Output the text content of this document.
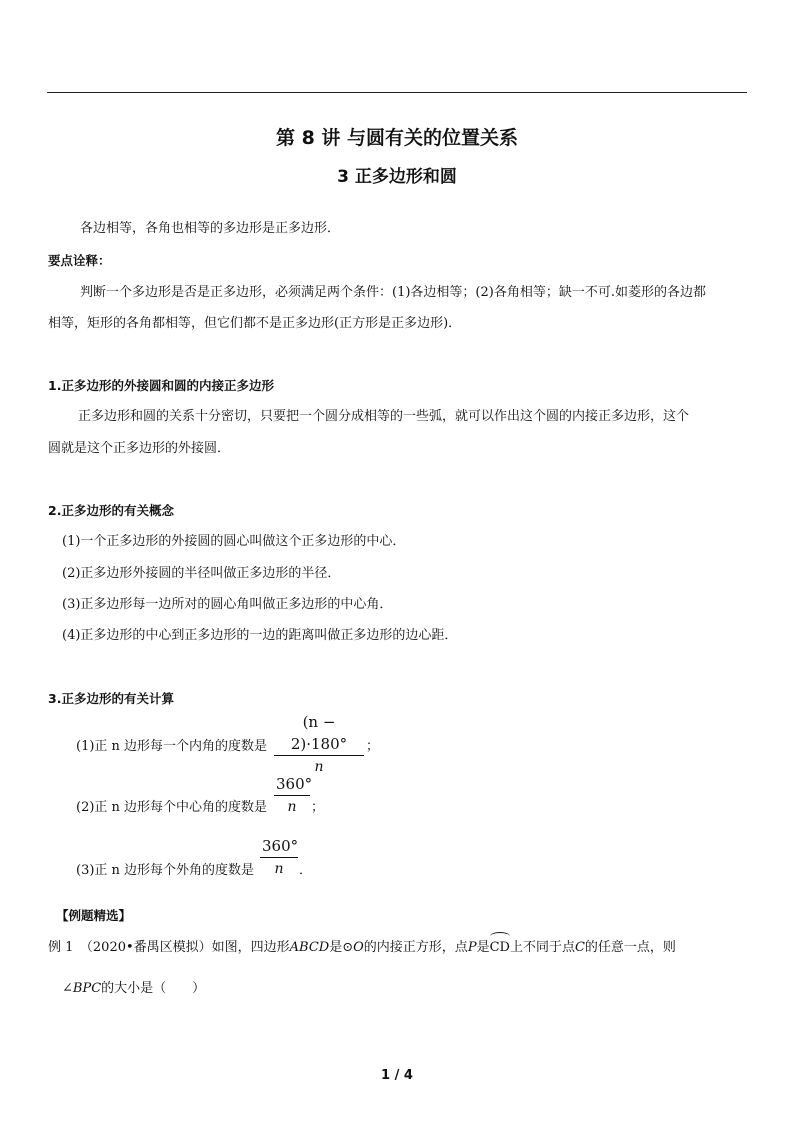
第 8 讲 与圆有关的位置关系
3 正多边形和圆
各边相等，各角也相等的多边形是正多边形．
要点诠释：
判断一个多边形是否是正多边形，必须满足两个条件：(1)各边相等；(2)各角相等；缺一不可.如菱形的各边都
相等，矩形的各角都相等，但它们都不是正多边形(正方形是正多边形)．
1.正多边形的外接圆和圆的内接正多边形
正多边形和圆的关系十分密切，只要把一个圆分成相等的一些弧，就可以作出这个圆的内接正多边形，这个
圆就是这个正多边形的外接圆．
2.正多边形的有关概念
(1)一个正多边形的外接圆的圆心叫做这个正多边形的中心．
(2)正多边形外接圆的半径叫做正多边形的半径．
(3)正多边形每一边所对的圆心角叫做正多边形的中心角．
(4)正多边形的中心到正多边形的一边的距离叫做正多边形的边心距．
3.正多边形的有关计算
(1)正 n 边形每一个内角的度数是
(n − 2)·180°
n
；
(2)正 n 边形每个中心角的度数是
360°
n	；
(3)正 n 边形每个外角的度数是
360°
n	．
【例题精选】
例 1　（2020•番禺区模拟）如图，四边形ABCD是⊙O的内接正方形，点P是CD上不同于点C的任意一点，则
∠BPC的大小是（　　）
1 / 4
